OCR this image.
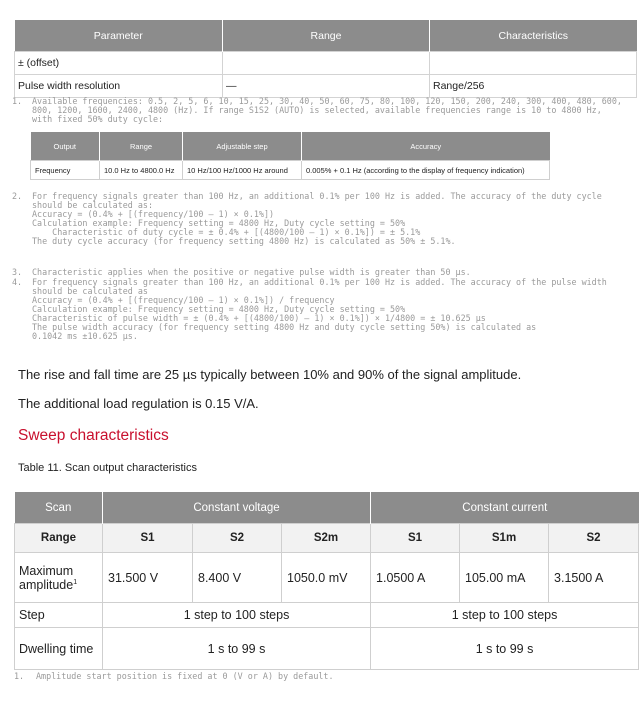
Parameter	Range	Characteristics
± (offset)		
Pulse width resolution	—	Range/256
1. Available frequencies: 0.5, 2, 5, 6, 10, 15, 25, 30, 40, 50, 60, 75, 80, 100, 120, 150, 200, 240, 300, 400, 480, 600,
800, 1200, 1600, 2400, 4800 (Hz). If range S1S2 (AUTO) is selected, available frequencies range is 10 to 4800 Hz,
with fixed 50% duty cycle:
Output	Range	Adjustable step	Accuracy
Frequency	10.0 Hz to 4800.0 Hz	10 Hz/100 Hz/1000 Hz around	0.005% + 0.1 Hz (according to the display of frequency indication)
2. For frequency signals greater than 100 Hz, an additional 0.1% per 100 Hz is added. The accuracy of the duty cycle
should be calculated as:
Accuracy = (0.4% + [(frequency/100 – 1) × 0.1%])
Calculation example: Frequency setting = 4800 Hz, Duty cycle setting = 50%
Characteristic of duty cycle = ± 0.4% + [(4800/100 – 1) × 0.1%]) = ± 5.1%
The duty cycle accuracy (for frequency setting 4800 Hz) is calculated as 50% ± 5.1%.
3. Characteristic applies when the positive or negative pulse width is greater than 50 µs.
4. For frequency signals greater than 100 Hz, an additional 0.1% per 100 Hz is added. The accuracy of the pulse width
should be calculated as
Accuracy = (0.4% + [(frequency/100 – 1) × 0.1%]) / frequency
Calculation example: Frequency setting = 4800 Hz, Duty cycle setting = 50%
Characteristic of pulse width = ± (0.4% + [(4800/100) – 1) × 0.1%]) × 1/4800 = ± 10.625 µs
The pulse width accuracy (for frequency setting 4800 Hz and duty cycle setting 50%) is calculated as
0.1042 ms ±10.625 µs.
The rise and fall time are 25 µs typically between 10% and 90% of the signal amplitude.
The additional load regulation is 0.15 V/A.
Sweep characteristics
Table 11. Scan output characteristics
Scan	Constant voltage			Constant current		
Range	S1	S2	S2m	S1	S1m	S2
Maximum amplitude$^1$	31.500 V	8.400 V	1050.0 mV	1.0500 A	105.00 mA	3.1500 A
Step	1 step to 100 steps			1 step to 100 steps		
Dwelling time	1 s to 99 s			1 s to 99 s		
1. Amplitude start position is fixed at 0 (V or A) by default.
